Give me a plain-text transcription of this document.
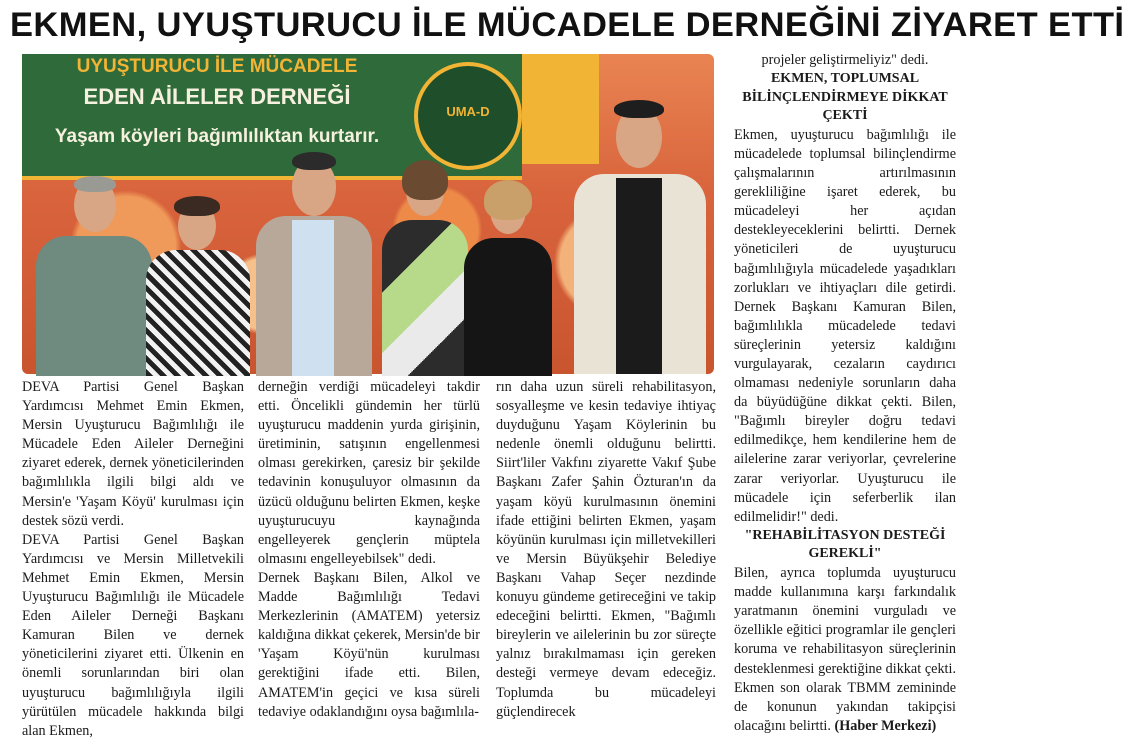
EKMEN, UYUŞTURUCU İLE MÜCADELE DERNEĞİNİ ZİYARET ETTİ
UYUŞTURUCU İLE MÜCADELE
EDEN AİLELER DERNEĞİ
Yaşam köyleri bağımlılıktan kurtarır.
UMA-D

DEVA Partisi Genel Başkan Yardımcısı Mehmet Emin Ekmen, Mersin Uyuşturucu Bağımlılığı ile Mücadele Eden Aileler Derneğini ziyaret ederek, dernek yöneticilerinden bağımlılıkla ilgili bilgi aldı ve Mersin'e 'Yaşam Köyü' kurulması için destek sözü verdi.

DEVA Partisi Genel Başkan Yardımcısı ve Mersin Milletvekili Mehmet Emin Ekmen, Mersin Uyuşturucu Bağımlılığı ile Mücadele Eden Aileler Derneği Başkanı Kamuran Bilen ve dernek yöneticilerini ziyaret etti. Ülkenin en önemli sorunlarından biri olan uyuşturucu bağımlılığıyla ilgili yürütülen mücadele hakkında bilgi alan Ekmen,

derneğin verdiği mücadeleyi takdir etti. Öncelikli gündemin her türlü uyuşturucu maddenin yurda girişinin, üretiminin, satışının engellenmesi olması gerekirken, çaresiz bir şekilde tedavinin konuşuluyor olmasının da üzücü olduğunu belirten Ekmen, keşke uyuşturucuyu kaynağında engelleyerek gençlerin müptela olmasını engelleyebilsek" dedi.

Dernek Başkanı Bilen, Alkol ve Madde Bağımlılığı Tedavi Merkezlerinin (AMATEM) yetersiz kaldığına dikkat çekerek, Mersin'de bir 'Yaşam Köyü'nün kurulması gerektiğini ifade etti. Bilen, AMATEM'in geçici ve kısa süreli tedaviye odaklandığını oysa bağımlıla-

rın daha uzun süreli rehabilitasyon, sosyalleşme ve kesin tedaviye ihtiyaç duyduğunu Yaşam Köylerinin bu nedenle önemli olduğunu belirtti. Siirt'liler Vakfını ziyarette Vakıf Şube Başkanı Zafer Şahin Özturan'ın da yaşam köyü kurulmasının önemini ifade ettiğini belirten Ekmen, yaşam köyünün kurulması için milletvekilleri ve Mersin Büyükşehir Belediye Başkanı Vahap Seçer nezdinde konuyu gündeme getireceğini ve takip edeceğini belirtti. Ekmen, "Bağımlı bireylerin ve ailelerinin bu zor süreçte yalnız bırakılmaması için gereken desteği vermeye devam edeceğiz. Toplumda bu mücadeleyi güçlendirecek

projeler geliştirmeliyiz" dedi.

EKMEN, TOPLUMSAL BİLİNÇLENDİRMEYE DİKKAT ÇEKTİ

Ekmen, uyuşturucu bağımlılığı ile mücadelede toplumsal bilinçlendirme çalışmalarının artırılmasının gerekliliğine işaret ederek, bu mücadeleyi her açıdan destekleyeceklerini belirtti. Dernek yöneticileri de uyuşturucu bağımlılığıyla mücadelede yaşadıkları zorlukları ve ihtiyaçları dile getirdi. Dernek Başkanı Kamuran Bilen, bağımlılıkla mücadelede tedavi süreçlerinin yetersiz kaldığını vurgulayarak, cezaların caydırıcı olmaması nedeniyle sorunların daha da büyüdüğüne dikkat çekti. Bilen, "Bağımlı bireyler doğru tedavi edilmedikçe, hem kendilerine hem de ailelerine zarar veriyorlar, çevrelerine zarar veriyorlar. Uyuşturucu ile mücadele için seferberlik ilan edilmelidir!" dedi.

"REHABİLİTASYON DESTEĞİ GEREKLİ"

Bilen, ayrıca toplumda uyuşturucu madde kullanımına karşı farkındalık yaratmanın önemini vurguladı ve özellikle eğitici programlar ile gençleri koruma ve rehabilitasyon süreçlerinin desteklenmesi gerektiğine dikkat çekti. Ekmen son olarak TBMM zemininde de konunun yakından takipçisi olacağını belirtti. (Haber Merkezi)
